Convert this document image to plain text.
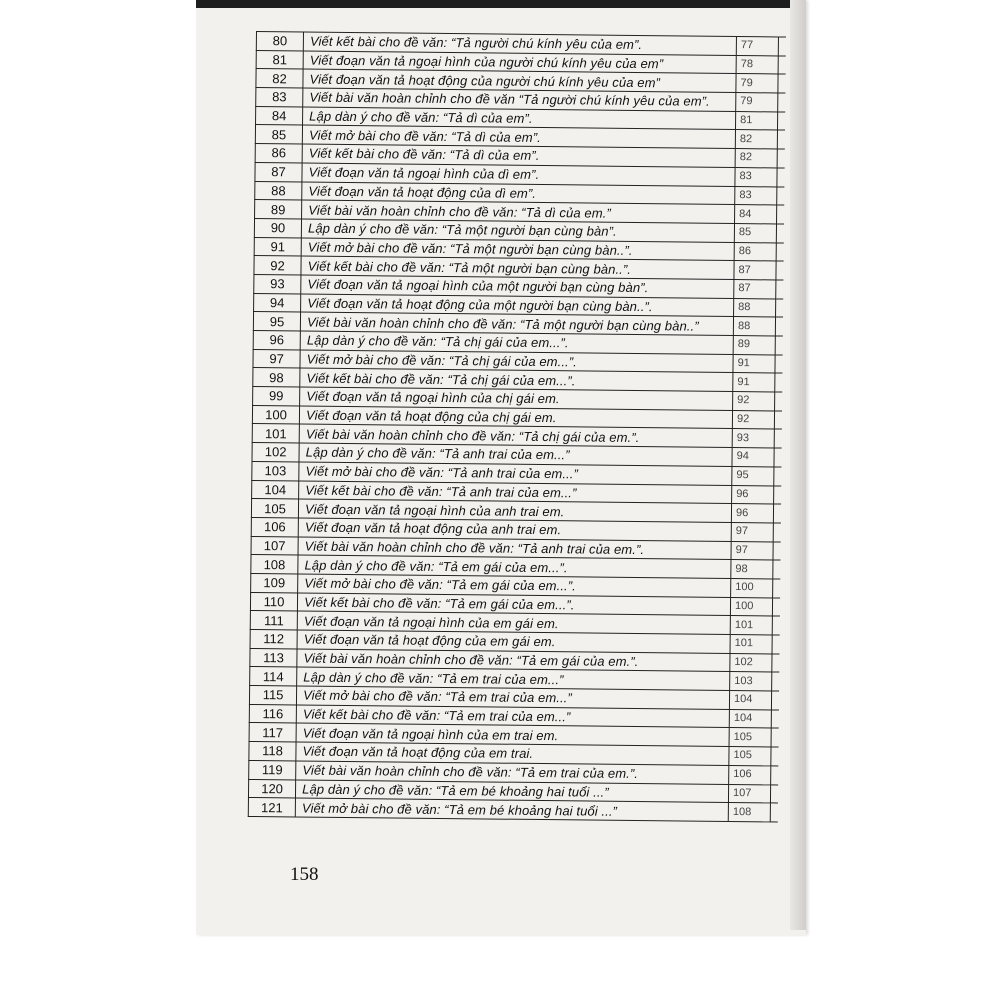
80	Viết kết bài cho đề văn: “Tả người chú kính yêu của em”.	77	
81	Viết đoạn văn tả ngoại hình của người chú kính yêu của em”	78	
82	Viết đoạn văn tả hoạt động của người chú kính yêu của em”	79	
83	Viết bài văn hoàn chỉnh cho đề văn “Tả người chú kính yêu của em”.	79	
84	Lập dàn ý cho đề văn: “Tả dì của em”.	81	
85	Viết mở bài cho đề văn: “Tả dì của em”.	82	
86	Viết kết bài cho đề văn: “Tả dì của em”.	82	
87	Viết đoạn văn tả ngoại hình của dì em”.	83	
88	Viết đoạn văn tả hoạt động của dì em”.	83	
89	Viết bài văn hoàn chỉnh cho đề văn: “Tả dì của em.”	84	
90	Lập dàn ý cho đề văn: “Tả một người bạn cùng bàn”.	85	
91	Viết mở bài cho đề văn: “Tả một người bạn cùng bàn..”.	86	
92	Viết kết bài cho đề văn: “Tả một người bạn cùng bàn..”.	87	
93	Viết đoạn văn tả ngoại hình của một người bạn cùng bàn”.	87	
94	Viết đoạn văn tả hoạt động của một người bạn cùng bàn..”.	88	
95	Viết bài văn hoàn chỉnh cho đề văn: “Tả một người bạn cùng bàn..”	88	
96	Lập dàn ý cho đề văn: “Tả chị gái của em...”.	89	
97	Viết mở bài cho đề văn: “Tả chị gái của em...”.	91	
98	Viết kết bài cho đề văn: “Tả chị gái của em...”.	91	
99	Viết đoạn văn tả ngoại hình của chị gái em.	92	
100	Viết đoạn văn tả hoạt động của chị gái em.	92	
101	Viết bài văn hoàn chỉnh cho đề văn: “Tả chị gái của em.”.	93	
102	Lập dàn ý cho đề văn: “Tả anh trai của em...”	94	
103	Viết mở bài cho đề văn: “Tả anh trai của em...”	95	
104	Viết kết bài cho đề văn: “Tả anh trai của em...”	96	
105	Viết đoạn văn tả ngoại hình của anh trai em.	96	
106	Viết đoạn văn tả hoạt động của anh trai em.	97	
107	Viết bài văn hoàn chỉnh cho đề văn: “Tả anh trai của em.”.	97	
108	Lập dàn ý cho đề văn: “Tả em gái của em...”.	98	
109	Viết mở bài cho đề văn: “Tả em gái của em...”.	100	
110	Viết kết bài cho đề văn: “Tả em gái của em...”.	100	
111	Viết đoạn văn tả ngoại hình của em gái em.	101	
112	Viết đoạn văn tả hoạt động của em gái em.	101	
113	Viết bài văn hoàn chỉnh cho đề văn: “Tả em gái của em.”.	102	
114	Lập dàn ý cho đề văn: “Tả em trai của em...”	103	
115	Viết mở bài cho đề văn: “Tả em trai của em...”	104	
116	Viết kết bài cho đề văn: “Tả em trai của em...”	104	
117	Viết đoạn văn tả ngoại hình của em trai em.	105	
118	Viết đoạn văn tả hoạt động của em trai.	105	
119	Viết bài văn hoàn chỉnh cho đề văn: “Tả em trai của em.”.	106	
120	Lập dàn ý cho đề văn: “Tả em bé khoảng hai tuổi ...”	107	
121	Viết mở bài cho đề văn: “Tả em bé khoảng hai tuổi ...”	108	
158
